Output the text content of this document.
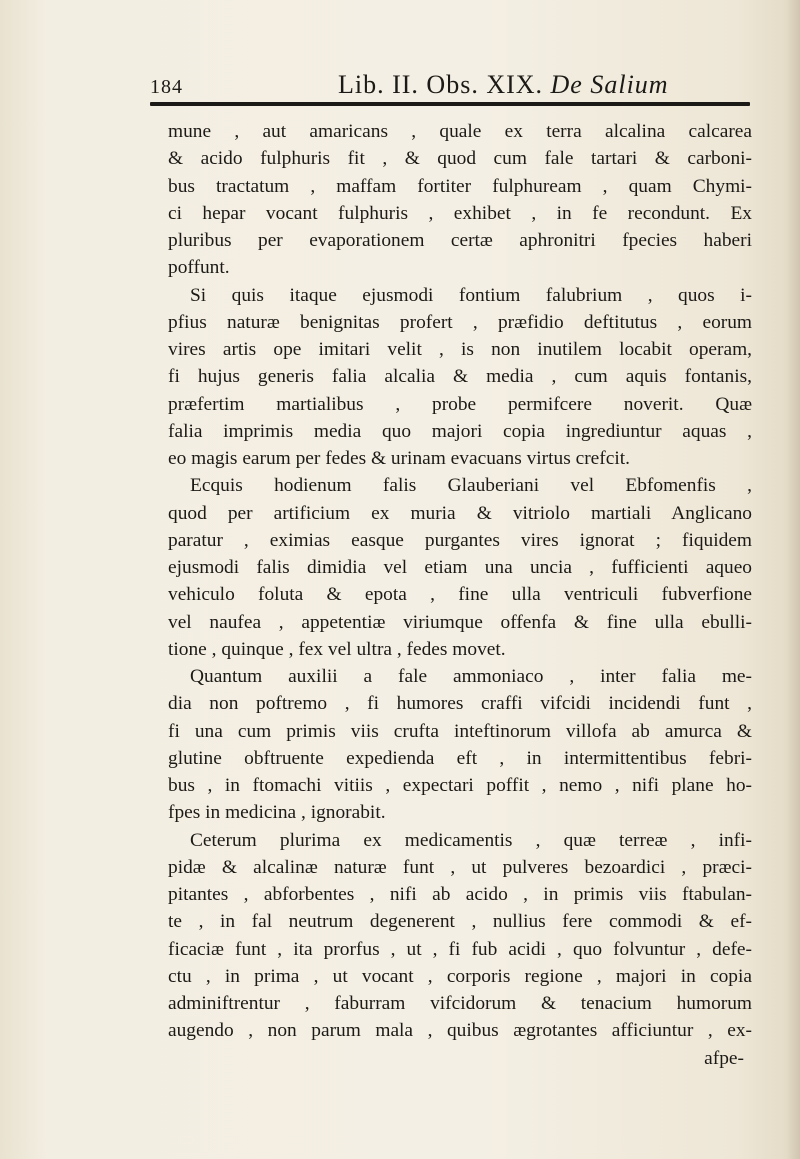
184	Lib. II. Obs. XIX. De Salium
mune , aut amaricans , quale ex terra alcalina calcarea
& acido fulphuris fit , & quod cum fale tartari & carboni-
bus tractatum , maffam fortiter fulphuream , quam Chymi-
ci hepar vocant fulphuris , exhibet , in fe recondunt. Ex
pluribus per evaporationem certæ aphronitri fpecies haberi
poffunt.
Si quis itaque ejusmodi fontium falubrium , quos i-
pfius naturæ benignitas profert , præfidio deftitutus , eorum
vires artis ope imitari velit , is non inutilem locabit operam,
fi hujus generis falia alcalia & media , cum aquis fontanis,
præfertim martialibus , probe permifcere noverit. Quæ
falia imprimis media quo majori copia ingrediuntur aquas ,
eo magis earum per fedes & urinam evacuans virtus crefcit.
Ecquis hodienum falis Glauberiani vel Ebfomenfis ,
quod per artificium ex muria & vitriolo martiali Anglicano
paratur , eximias easque purgantes vires ignorat ; fiquidem
ejusmodi falis dimidia vel etiam una uncia , fufficienti aqueo
vehiculo foluta & epota , fine ulla ventriculi fubverfione
vel naufea , appetentiæ viriumque offenfa & fine ulla ebulli-
tione , quinque , fex vel ultra , fedes movet.
Quantum auxilii a fale ammoniaco , inter falia me-
dia non poftremo , fi humores craffi vifcidi incidendi funt ,
fi una cum primis viis crufta inteftinorum villofa ab amurca &
glutine obftruente expedienda eft , in intermittentibus febri-
bus , in ftomachi vitiis , expectari poffit , nemo , nifi plane ho-
fpes in medicina , ignorabit.
Ceterum plurima ex medicamentis , quæ terreæ , infi-
pidæ & alcalinæ naturæ funt , ut pulveres bezoardici , præci-
pitantes , abforbentes , nifi ab acido , in primis viis ftabulan-
te , in fal neutrum degenerent , nullius fere commodi & ef-
ficaciæ funt , ita prorfus , ut , fi fub acidi , quo folvuntur , defe-
ctu , in prima , ut vocant , corporis regione , majori in copia
adminiftrentur , faburram vifcidorum & tenacium humorum
augendo , non parum mala , quibus ægrotantes afficiuntur , ex-
afpe-
